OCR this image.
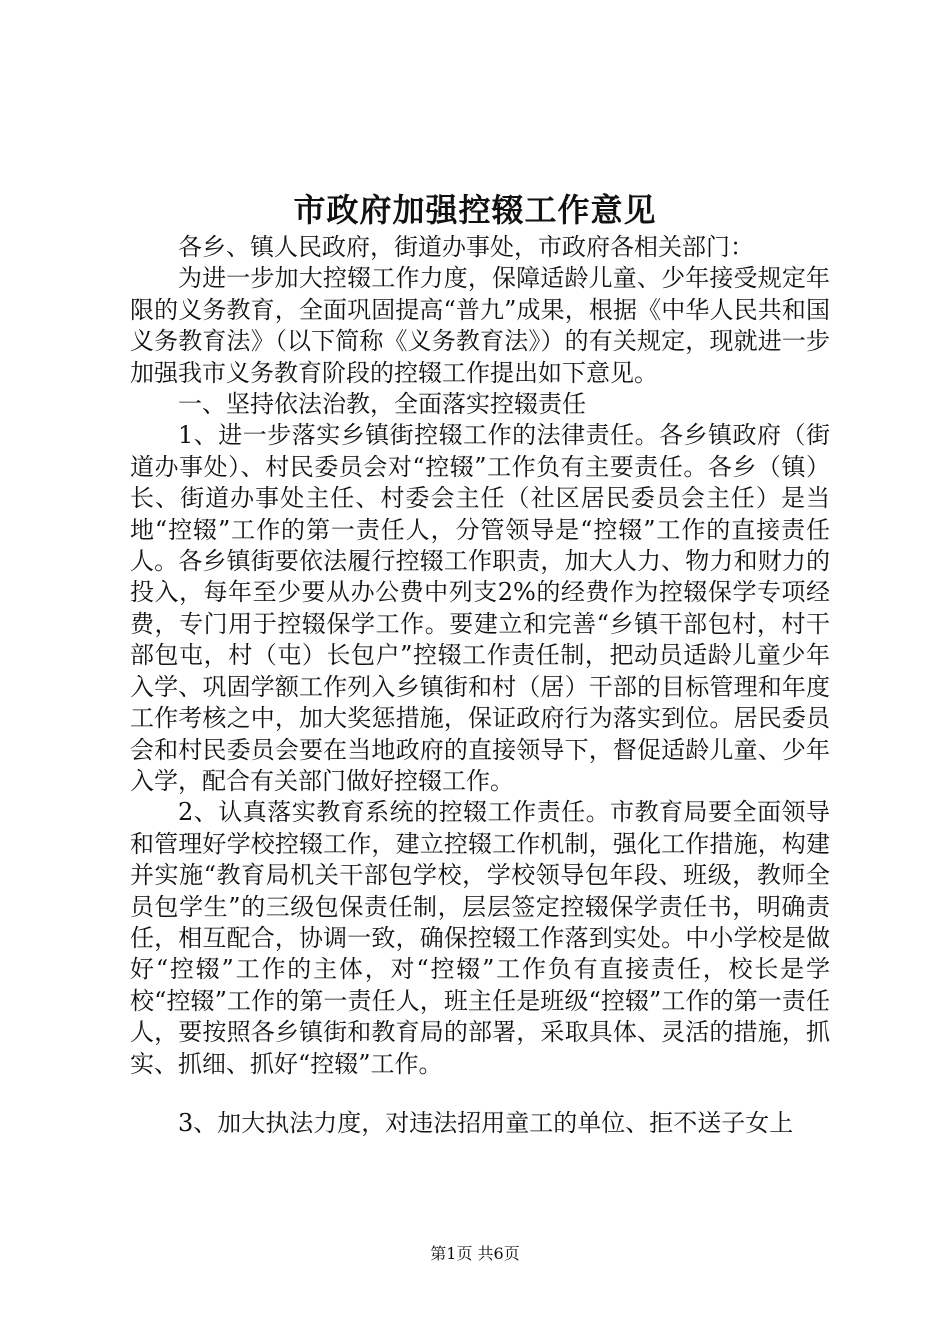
市政府加强控辍工作意见

各乡、镇人民政府，街道办事处，市政府各相关部门：

为进一步加大控辍工作力度，保障适龄儿童、少年接受规定年限的义务教育，全面巩固提高“普九”成果，根据《中华人民共和国义务教育法》（以下简称《义务教育法》）的有关规定，现就进一步加强我市义务教育阶段的控辍工作提出如下意见。

一、坚持依法治教，全面落实控辍责任

1、进一步落实乡镇街控辍工作的法律责任。各乡镇政府（街道办事处）、村民委员会对“控辍”工作负有主要责任。各乡（镇）长、街道办事处主任、村委会主任（社区居民委员会主任）是当地“控辍”工作的第一责任人，分管领导是“控辍”工作的直接责任人。各乡镇街要依法履行控辍工作职责，加大人力、物力和财力的投入，每年至少要从办公费中列支2%的经费作为控辍保学专项经费，专门用于控辍保学工作。要建立和完善“乡镇干部包村，村干部包屯，村（屯）长包户”控辍工作责任制，把动员适龄儿童少年入学、巩固学额工作列入乡镇街和村（居）干部的目标管理和年度工作考核之中，加大奖惩措施，保证政府行为落实到位。居民委员会和村民委员会要在当地政府的直接领导下，督促适龄儿童、少年入学，配合有关部门做好控辍工作。

2、认真落实教育系统的控辍工作责任。市教育局要全面领导和管理好学校控辍工作，建立控辍工作机制，强化工作措施，构建并实施“教育局机关干部包学校，学校领导包年段、班级，教师全员包学生”的三级包保责任制，层层签定控辍保学责任书，明确责任，相互配合，协调一致，确保控辍工作落到实处。中小学校是做好“控辍”工作的主体，对“控辍”工作负有直接责任，校长是学校“控辍”工作的第一责任人，班主任是班级“控辍”工作的第一责任人，要按照各乡镇街和教育局的部署，采取具体、灵活的措施，抓实、抓细、抓好“控辍”工作。

3、加大执法力度，对违法招用童工的单位、拒不送子女上

第1页 共6页
